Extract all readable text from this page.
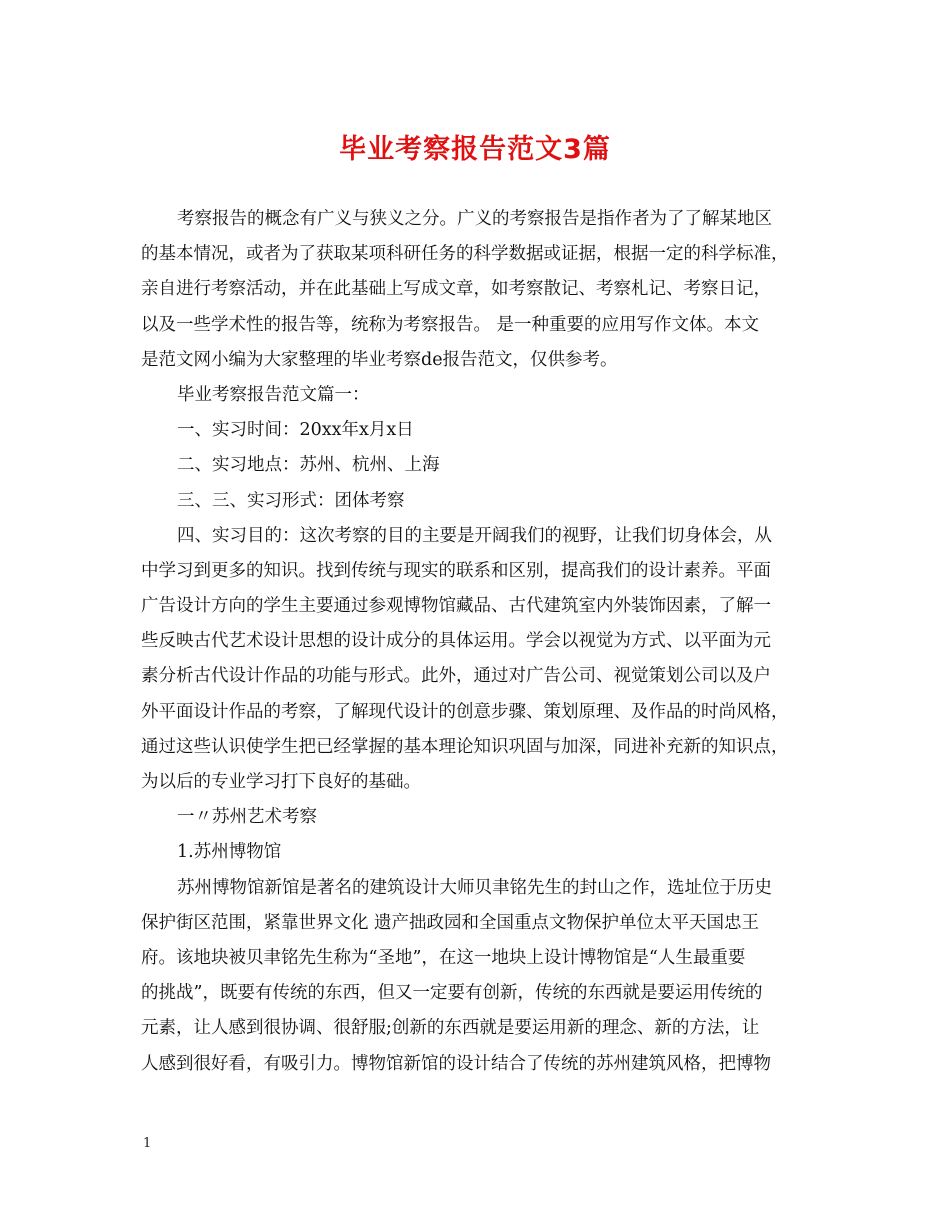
毕业考察报告范文3篇
考察报告的概念有广义与狭义之分。广义的考察报告是指作者为了了解某地区
的基本情况，或者为了获取某项科研任务的科学数据或证据，根据一定的科学标准，
亲自进行考察活动，并在此基础上写成文章，如考察散记、考察札记、考察日记，
以及一些学术性的报告等，统称为考察报告。 是一种重要的应用写作文体。本文
是范文网小编为大家整理的毕业考察de报告范文，仅供参考。
毕业考察报告范文篇一：
一、实习时间：20xx年x月x日
二、实习地点：苏州、杭州、上海
三、三、实习形式：团体考察
四、实习目的：这次考察的目的主要是开阔我们的视野，让我们切身体会，从
中学习到更多的知识。找到传统与现实的联系和区别，提高我们的设计素养。平面
广告设计方向的学生主要通过参观博物馆藏品、古代建筑室内外装饰因素，了解一
些反映古代艺术设计思想的设计成分的具体运用。学会以视觉为方式、以平面为元
素分析古代设计作品的功能与形式。此外，通过对广告公司、视觉策划公司以及户
外平面设计作品的考察，了解现代设计的创意步骤、策划原理、及作品的时尚风格，
通过这些认识使学生把已经掌握的基本理论知识巩固与加深，同进补充新的知识点，
为以后的专业学习打下良好的基础。
一〃苏州艺术考察
1.苏州博物馆
苏州博物馆新馆是著名的建筑设计大师贝聿铭先生的封山之作，选址位于历史
保护街区范围，紧靠世界文化 遗产拙政园和全国重点文物保护单位太平天国忠王
府。该地块被贝聿铭先生称为“圣地”，在这一地块上设计博物馆是“人生最重要
的挑战”，既要有传统的东西，但又一定要有创新，传统的东西就是要运用传统的
元素，让人感到很协调、很舒服;创新的东西就是要运用新的理念、新的方法，让
人感到很好看，有吸引力。博物馆新馆的设计结合了传统的苏州建筑风格，把博物
1
